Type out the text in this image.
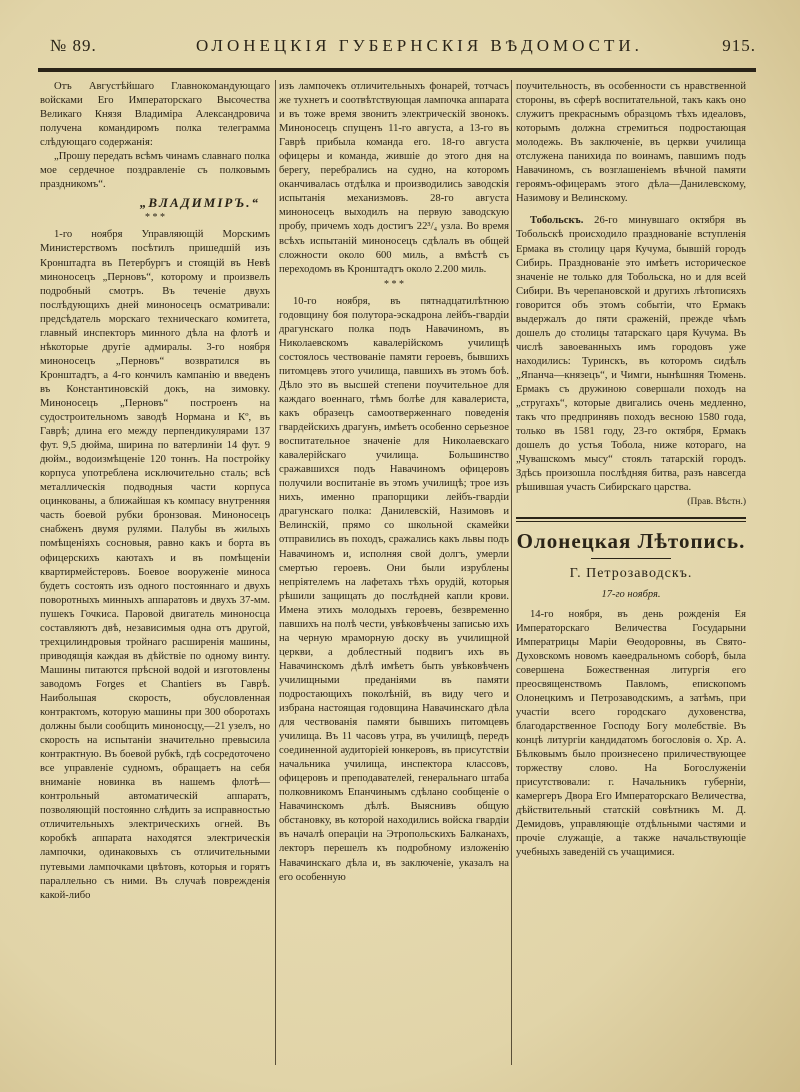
№ 89.	ОЛОНЕЦКІЯ ГУБЕРНСКІЯ ВѢДОМОСТИ.	915.

Отъ Августѣйшаго Главнокомандующаго войсками Его Императорскаго Высочества Великаго Князя Владиміра Александровича получена командиромъ полка телеграмма слѣдующаго содержанія:

„Прошу передать всѣмъ чинамъ славнаго полка мое сердечное поздравленіе съ полковымъ праздникомъ“.

„ВЛАДИМІРЪ.“
* * *

1-го ноября Управляющій Морскимъ Министерствомъ посѣтилъ пришедшій изъ Кронштадта въ Петербургъ и стоящій въ Невѣ миноносецъ „Перновъ“, которому и произвелъ подробный смотръ. Въ теченіе двухъ послѣдующихъ дней миноносецъ осматривали: предсѣдатель морскаго техническаго комитета, главный инспекторъ минного дѣла на флотѣ и нѣкоторые другіе адмиралы. 3-го ноября миноносецъ „Перновъ“ возвратился въ Кронштадтъ, а 4-го кончилъ кампанію и введенъ въ Константиновскій докъ, на зимовку. Миноносецъ „Перновъ“ построенъ на судостроительномъ заводѣ Нормана и Кº, въ Гаврѣ; длина его между перпендикулярами 137 фут. 9,5 дюйма, ширина по ватерлиніи 14 фут. 9 дюйм., водоизмѣщеніе 120 тоннъ. На постройку корпуса употреблена исключительно сталь; всѣ металлическія подводныя части корпуса оцинкованы, а ближайшая къ компасу внутренняя часть боевой рубки бронзовая. Миноносецъ снабженъ двумя рулями. Палубы въ жилыхъ помѣщеніяхъ сосновыя, равно какъ и борта въ офицерскихъ каютахъ и въ помѣщеніи квартирмейстеровъ. Боевое вооруженіе миноса будетъ состоять изъ одного постояннаго и двухъ поворотныхъ минныхъ аппаратовъ и двухъ 37-мм. пушекъ Гочкиса. Паровой двигатель миноносца составляютъ двѣ, независимыя одна отъ другой, трехцилиндровыя тройнаго расширенія машины, приводящія каждая въ дѣйствіе по одному винту. Машины питаются прѣсной водой и изготовлены заводомъ Forges et Chantiers въ Гаврѣ. Наибольшая скорость, обусловленная контрактомъ, которую машины при 300 оборотахъ должны были сообщить миноносцу,—21 узелъ, но скорость на испытаніи значительно превысила контрактную. Въ боевой рубкѣ, гдѣ сосредоточено все управленіе судномъ, обращаетъ на себя вниманіе новинка въ нашемъ флотѣ—контрольный автоматическій аппаратъ, позволяющій постоянно слѣдить за исправностью отличительныхъ электрическихъ огней. Въ коробкѣ аппарата находятся электрическія лампочки, одинаковыхъ съ отличительными путевыми лампочками цвѣтовъ, которыя и горятъ параллельно съ ними. Въ случаѣ поврежденія какой-либо

изъ лампочекъ отличительныхъ фонарей, тотчасъ же тухнетъ и соотвѣтствующая лампочка аппарата и въ тоже время звонитъ электрическій звонокъ. Миноносецъ спущенъ 11-го августа, а 13-го въ Гаврѣ прибыла команда его. 18-го августа офицеры и команда, жившіе до этого дня на берегу, перебрались на судно, на которомъ оканчивалась отдѣлка и производились заводскія испытанія механизмовъ. 28-го августа миноносецъ выходилъ на первую заводскую пробу, причемъ ходъ достигъ 22³/₄ узла. Во время всѣхъ испытаній миноносецъ сдѣлалъ въ общей сложности около 600 миль, а вмѣстѣ съ переходомъ въ Кронштадтъ около 2.200 миль.

* * *

10-го ноября, въ пятнадцатилѣтнюю годовщину боя полутора-эскадрона лейбъ-гвардіи драгунскаго полка подъ Навачиномъ, въ Николаевскомъ кавалерійскомъ училищѣ состоялось чествованіе памяти героевъ, бывшихъ питомцевъ этого училища, павшихъ въ этомъ боѣ. Дѣло это въ высшей степени поучительное для каждаго военнаго, тѣмъ болѣе для кавалериста, какъ образецъ самоотверженнаго поведенія гвардейскихъ драгунъ, имѣетъ особенно серьезное воспитательное значеніе для Николаевскаго кавалерійскаго училища. Большинство сражавшихся подъ Навачиномъ офицеровъ получили воспитаніе въ этомъ училищѣ; трое изъ нихъ, именно прапорщики лейбъ-гвардіи драгунскаго полка: Данилевскій, Назимовъ и Велинскій, прямо со школьной скамейки отправились въ походъ, сражались какъ львы подъ Навачиномъ и, исполняя свой долгъ, умерли смертью героевъ. Они были изрублены непріятелемъ на лафетахъ тѣхъ орудій, которыя рѣшили защищать до послѣдней капли крови. Имена этихъ молодыхъ героевъ, безвременно павшихъ на полѣ чести, увѣковѣчены записью ихъ на черную мраморную доску въ училищной церкви, а доблестный подвигъ ихъ въ Навачинскомъ дѣлѣ имѣетъ быть увѣковѣченъ училищными преданіями въ памяти подростающихъ поколѣній, въ виду чего и избрана настоящая годовщина Навачинскаго дѣла для чествованія памяти бывшихъ питомцевъ училища. Въ 11 часовъ утра, въ училищѣ, передъ соединенной аудиторіей юнкеровъ, въ присутствіи начальника училища, инспектора классовъ, офицеровъ и преподавателей, генеральнаго штаба полковникомъ Епанчинымъ сдѣлано сообщеніе о Навачинскомъ дѣлѣ. Выяснивъ общую обстановку, въ которой находились войска гвардіи въ началѣ операціи на Этропольскихъ Балканахъ, лекторъ перешелъ къ подробному изложенію Навачинскаго дѣла и, въ заключеніе, указалъ на его особенную

поучительность, въ особенности съ нравственной стороны, въ сферѣ воспитательной, такъ какъ оно служитъ прекраснымъ образцомъ тѣхъ идеаловъ, которымъ должна стремиться подростающая молодежь. Въ заключеніе, въ церкви училища отслужена панихида по воинамъ, павшимъ подъ Навачиномъ, съ возглашеніемъ вѣчной памяти героямъ-офицерамъ этого дѣла—Данилевскому, Назимову и Велинскому.

Тобольскъ. 26-го минувшаго октября въ Тобольскѣ происходило празднованіе вступленія Ермака въ столицу царя Кучума, бывшій городъ Сибирь. Празднованіе это имѣетъ историческое значеніе не только для Тобольска, но и для всей Сибири. Въ черепановской и другихъ лѣтописяхъ говорится объ этомъ событіи, что Ермакъ выдержалъ до пяти сраженій, прежде чѣмъ дошелъ до столицы татарскаго царя Кучума. Въ числѣ завоеванныхъ имъ городовъ уже находились: Туринскъ, въ которомъ сидѣлъ „Япанча—князецъ“, и Чимги, нынѣшняя Тюмень. Ермакъ съ дружиною совершали походъ на „стругахъ“, которые двигались очень медленно, такъ что предпринявъ походъ весною 1580 года, только въ 1581 году, 23-го октября, Ермакъ дошелъ до устья Тобола, ниже котораго, на „Чувашскомъ мысу“ стоялъ татарскій городъ. Здѣсь произошла послѣдняя битва, разъ навсегда рѣшившая участь Сибирскаго царства.

(Прав. Вѣстн.)
Олонецкая Лѣтопись.
Г. Петрозаводскъ.
17-го ноября.

14-го ноября, въ день рожденія Ея Императорскаго Величества Государыни Императрицы Маріи Ѳеодоровны, въ Свято-Духовскомъ новомъ каѳедральномъ соборѣ, была совершена Божественная литургія его преосвященствомъ Павломъ, епископомъ Олонецкимъ и Петрозаводскимъ, а затѣмъ, при участіи всего городскаго духовенства, благодарственное Господу Богу молебствіе. Въ концѣ литургіи кандидатомъ богословія о. Хр. А. Бѣлковымъ было произнесено приличествующее торжеству слово. На Богослуженіи присутствовали: г. Начальникъ губерніи, камергеръ Двора Его Императорскаго Величества, дѣйствительный статскій совѣтникъ М. Д. Демидовъ, управляющіе отдѣльными частями и прочіе служащіе, а также начальствующіе учебныхъ заведеній съ учащимися.
